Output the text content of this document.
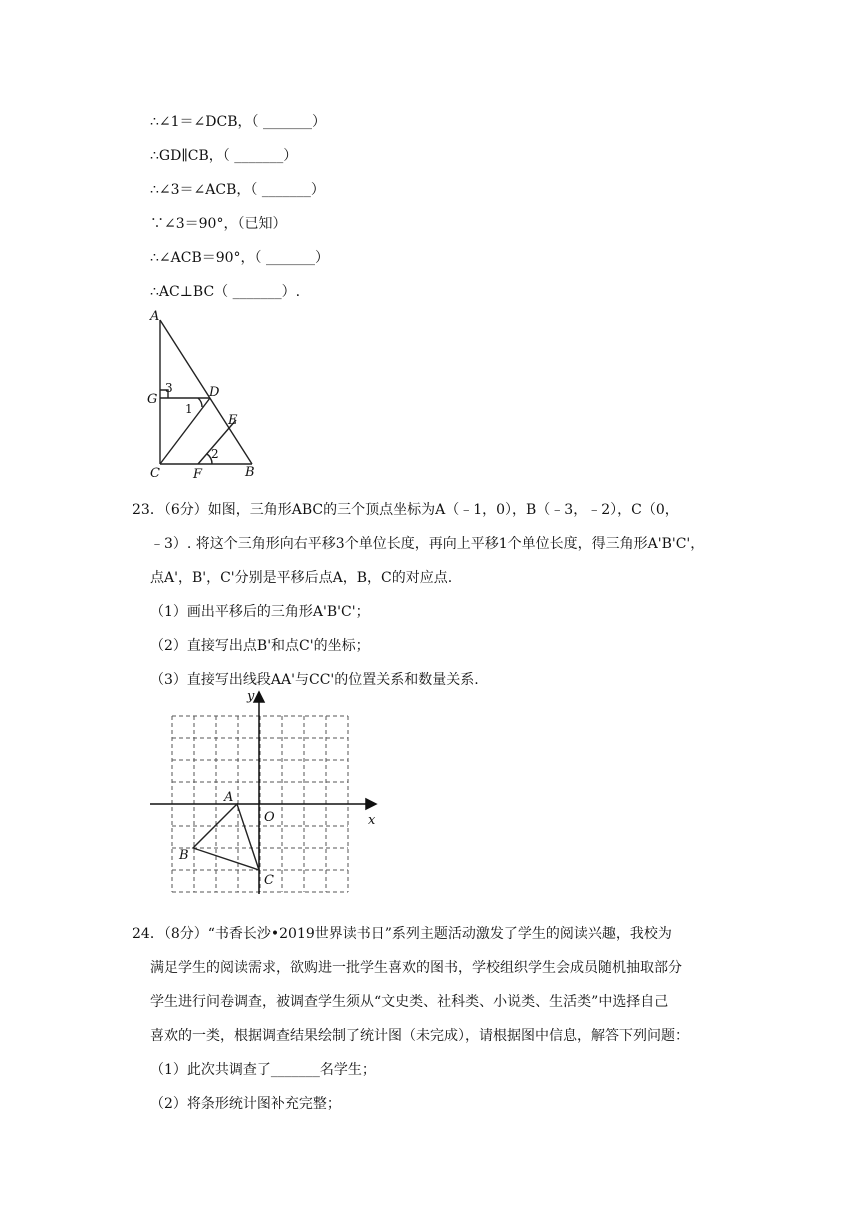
∴∠1＝∠DCB，（ _______）
∴GD∥CB，（ _______）
∴∠3＝∠ACB，（ _______）
∵∠3＝90°，（已知）
∴∠ACB＝90°，（ _______）
∴AC⊥BC（ _______）.
A
G	D
E
C	F	B
1
2
3
23．（6分）如图，三角形ABC的三个顶点坐标为A（﹣1，0），B（﹣3，﹣2），C（0，
﹣3）. 将这个三角形向右平移3个单位长度，再向上平移1个单位长度，得三角形A'B'C'，
点A'，B'，C'分别是平移后点A，B，C的对应点.
（1）画出平移后的三角形A'B'C'；
（2）直接写出点B'和点C'的坐标；
（3）直接写出线段AA'与CC'的位置关系和数量关系.
y
x
A
O
B
C
24．（8分）“书香长沙•2019世界读书日”系列主题活动激发了学生的阅读兴趣，我校为
满足学生的阅读需求，欲购进一批学生喜欢的图书，学校组织学生会成员随机抽取部分
学生进行问卷调查，被调查学生须从“文史类、社科类、小说类、生活类”中选择自己
喜欢的一类，根据调查结果绘制了统计图（未完成），请根据图中信息，解答下列问题：
（1）此次共调查了_______名学生；
（2）将条形统计图补充完整；
